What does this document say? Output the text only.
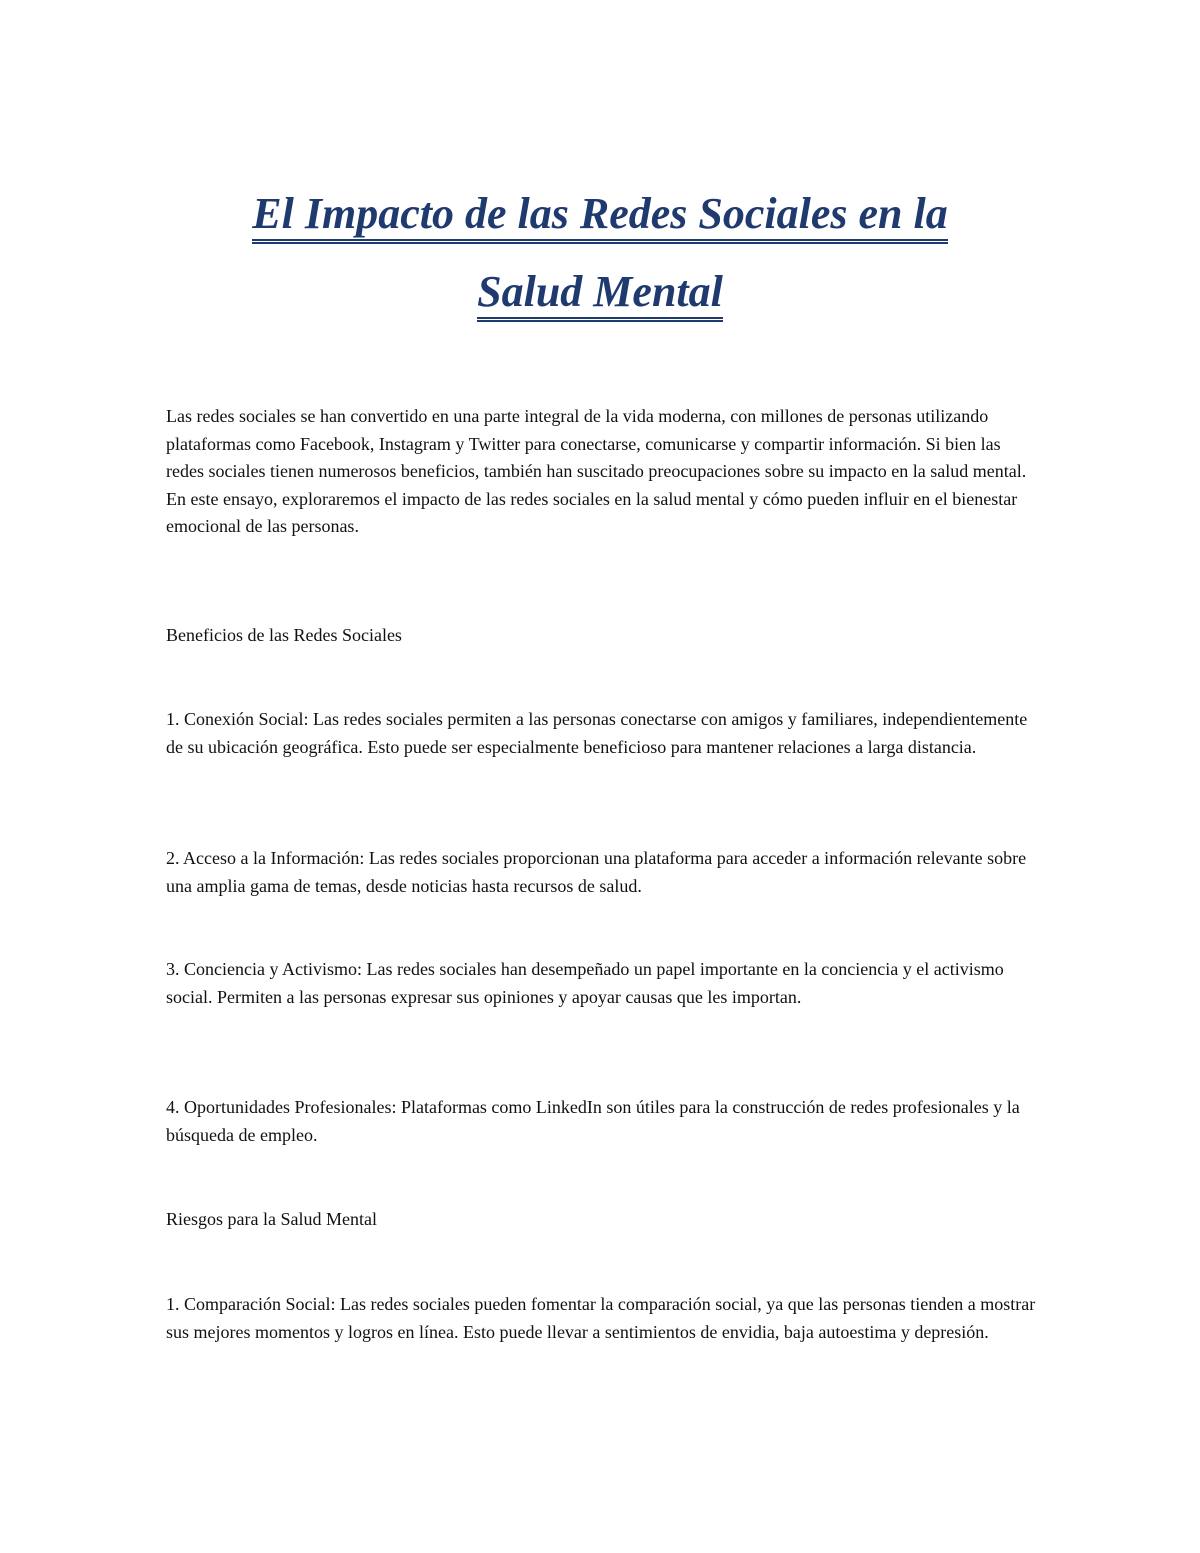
El Impacto de las Redes Sociales en la
Salud Mental

Las redes sociales se han convertido en una parte integral de la vida moderna, con millones de personas utilizando plataformas como Facebook, Instagram y Twitter para conectarse, comunicarse y compartir información. Si bien las redes sociales tienen numerosos beneficios, también han suscitado preocupaciones sobre su impacto en la salud mental. En este ensayo, exploraremos el impacto de las redes sociales en la salud mental y cómo pueden influir en el bienestar emocional de las personas.

Beneficios de las Redes Sociales

1. Conexión Social: Las redes sociales permiten a las personas conectarse con amigos y familiares, independientemente de su ubicación geográfica. Esto puede ser especialmente beneficioso para mantener relaciones a larga distancia.

2. Acceso a la Información: Las redes sociales proporcionan una plataforma para acceder a información relevante sobre una amplia gama de temas, desde noticias hasta recursos de salud.

3. Conciencia y Activismo: Las redes sociales han desempeñado un papel importante en la conciencia y el activismo social. Permiten a las personas expresar sus opiniones y apoyar causas que les importan.

4. Oportunidades Profesionales: Plataformas como LinkedIn son útiles para la construcción de redes profesionales y la búsqueda de empleo.

Riesgos para la Salud Mental

1. Comparación Social: Las redes sociales pueden fomentar la comparación social, ya que las personas tienden a mostrar sus mejores momentos y logros en línea. Esto puede llevar a sentimientos de envidia, baja autoestima y depresión.
